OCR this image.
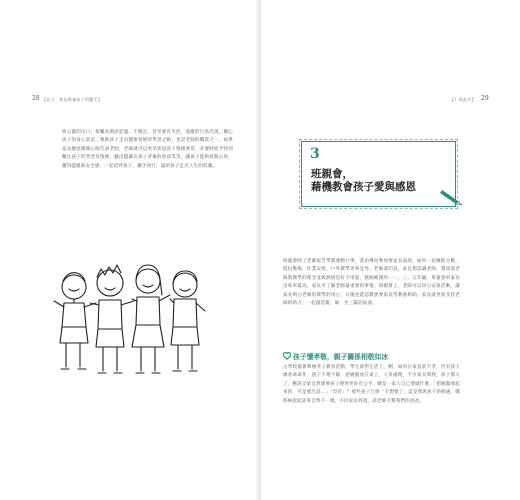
28 【給力：我是教養孩子的醫生】

與心靈的出口，接觸為增添惡溫，不穩定，甚至會有失控，過激的行為出現，關心孩子的身心狀況，幫助孩子走向健康發展的學習之路，也是老師的職責之一。如果家長願意敞開心胸告訴老師，老師就可以更早知道孩子情緒異常，必要時給予特別關注孩子的學習及情緒，聽出隱藏在孩子背後的原因等等，讓孩子能夠放開心扉，獲得溫暖與安全感，一起陪伴孩子，攜手同行，協助孩子走出人生的低潮。

29
【1 與此共】
3
班親會，
藉機教會孩子愛與感恩

班親會除了老師報告學期運動行事，還由導向參加要家長協助，如何一起擁抱分數，抵抗壓場，作業安排，戶外教學等事宜外，老師還的話，家長想認識老師，想知道老師對教學的理念並與熱情是好不用說，教師補國的一一，三，五年級，班親會的家長出席率最高，家長可了解老師最重要的事情。班親會上，老師可以同心安排活動，讓家長明白老師的教學的用心，日後也能認教會要家長勞教養相助，家長就更加支持老師的助力。一起創造親，師，生三贏的局面。

孩子懂孝敬，親子關係相敬如冰

古學校都會舉辦孝子教育活動，學生卻對生活上，啊，如何在家長前不孝，仍有孩子總會乖乖作，孩子不理不睬，把碗盤放在桌上，父母處理，不少家長問我，孩子都大了，應該交給自然想要孩子變得更好有公平，總是一家人自己要做什麼，「把碗盤收起來的，可是要出話...」「沒有」？那些孩子已經「不想要了」這是我與孩子的相處，哪時候說起話來自然不一樣，不同家長經過，請老師不幫我們的爸爸。
